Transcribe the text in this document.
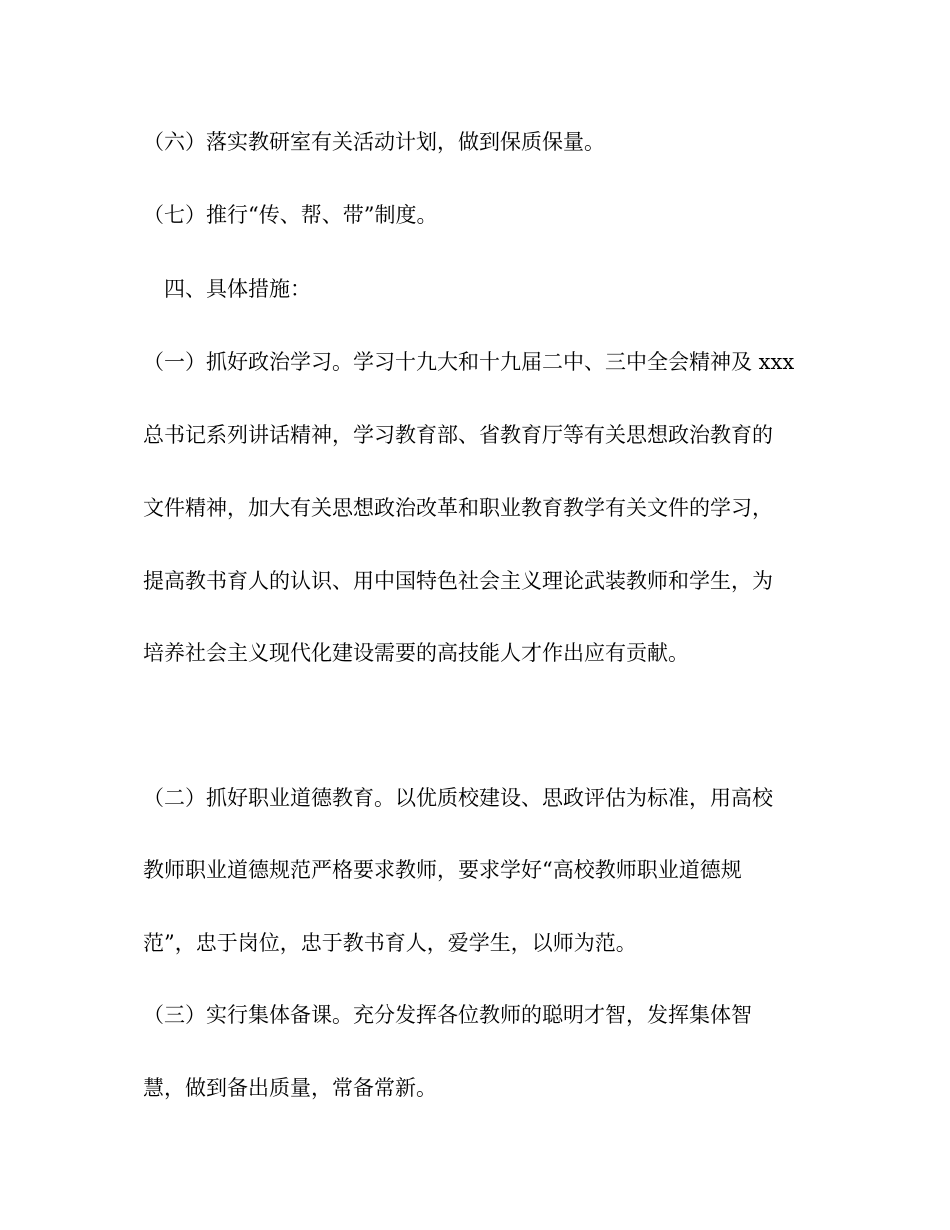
（六）落实教研室有关活动计划，做到保质保量。
（七）推行“传、帮、带”制度。
　四、具体措施：
（一）抓好政治学习。学习十九大和十九届二中、三中全会精神及 xxx
总书记系列讲话精神，学习教育部、省教育厅等有关思想政治教育的
文件精神，加大有关思想政治改革和职业教育教学有关文件的学习，
提高教书育人的认识、用中国特色社会主义理论武装教师和学生，为
培养社会主义现代化建设需要的高技能人才作出应有贡献。
（二）抓好职业道德教育。以优质校建设、思政评估为标准，用高校
教师职业道德规范严格要求教师，要求学好“高校教师职业道德规
范”，忠于岗位，忠于教书育人，爱学生，以师为范。
（三）实行集体备课。充分发挥各位教师的聪明才智，发挥集体智
慧，做到备出质量，常备常新。
